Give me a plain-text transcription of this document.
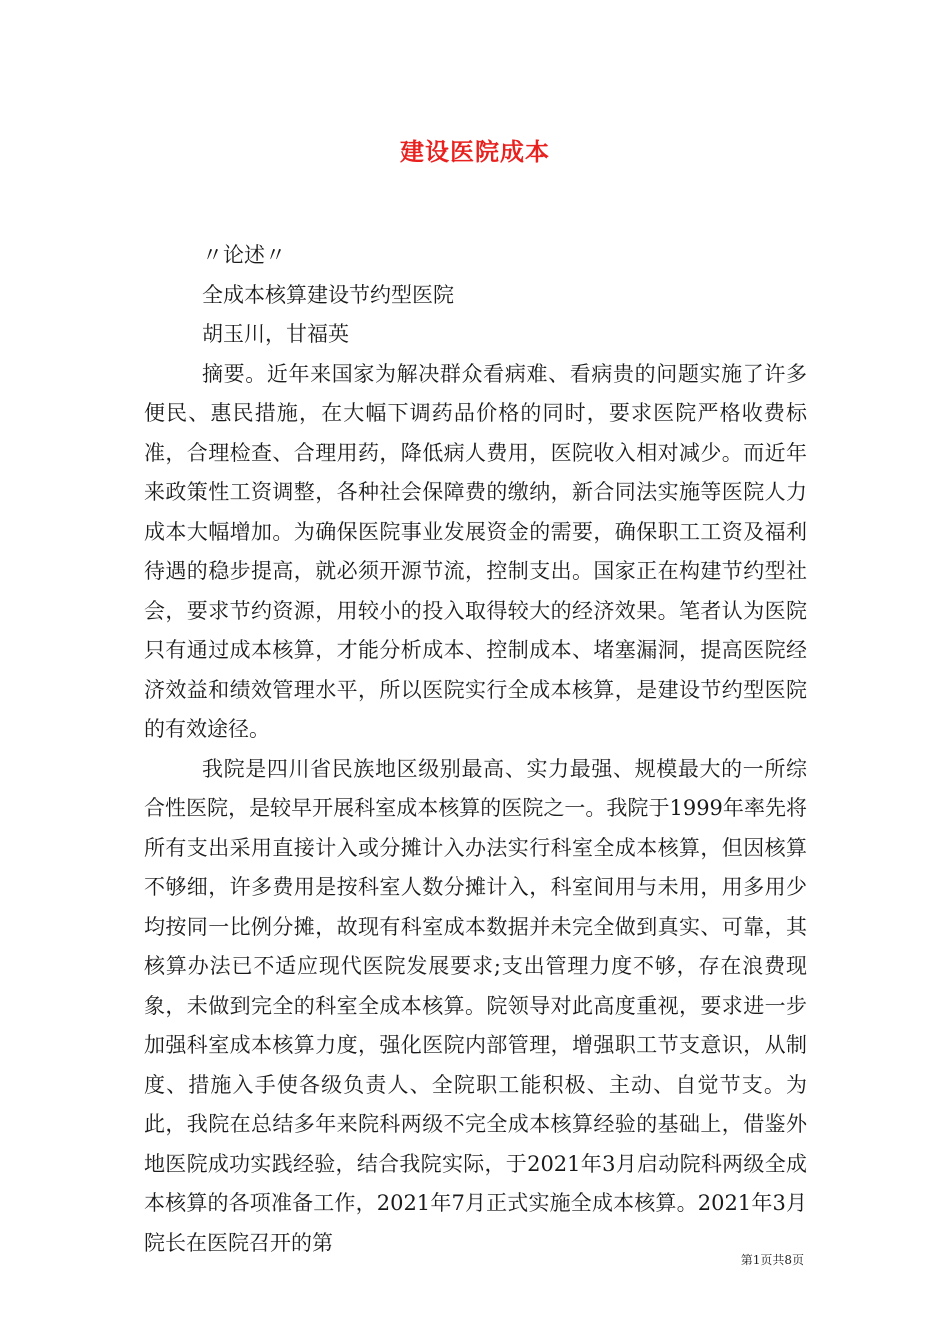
建设医院成本

〃论述〃

全成本核算建设节约型医院

胡玉川，甘福英

摘要。近年来国家为解决群众看病难、看病贵的问题实施了许多便民、惠民措施，在大幅下调药品价格的同时，要求医院严格收费标准，合理检查、合理用药，降低病人费用，医院收入相对减少。而近年来政策性工资调整，各种社会保障费的缴纳，新合同法实施等医院人力成本大幅增加。为确保医院事业发展资金的需要，确保职工工资及福利待遇的稳步提高，就必须开源节流，控制支出。国家正在构建节约型社会，要求节约资源，用较小的投入取得较大的经济效果。笔者认为医院只有通过成本核算，才能分析成本、控制成本、堵塞漏洞，提高医院经济效益和绩效管理水平，所以医院实行全成本核算，是建设节约型医院的有效途径。

我院是四川省民族地区级别最高、实力最强、规模最大的一所综合性医院，是较早开展科室成本核算的医院之一。我院于1999年率先将所有支出采用直接计入或分摊计入办法实行科室全成本核算，但因核算不够细，许多费用是按科室人数分摊计入，科室间用与未用，用多用少均按同一比例分摊，故现有科室成本数据并未完全做到真实、可靠，其核算办法已不适应现代医院发展要求;支出管理力度不够，存在浪费现象，未做到完全的科室全成本核算。院领导对此高度重视，要求进一步加强科室成本核算力度，强化医院内部管理，增强职工节支意识，从制度、措施入手使各级负责人、全院职工能积极、主动、自觉节支。为此，我院在总结多年来院科两级不完全成本核算经验的基础上，借鉴外地医院成功实践经验，结合我院实际，于2021年3月启动院科两级全成本核算的各项准备工作，2021年7月正式实施全成本核算。2021年3月院长在医院召开的第

第1页共8页
